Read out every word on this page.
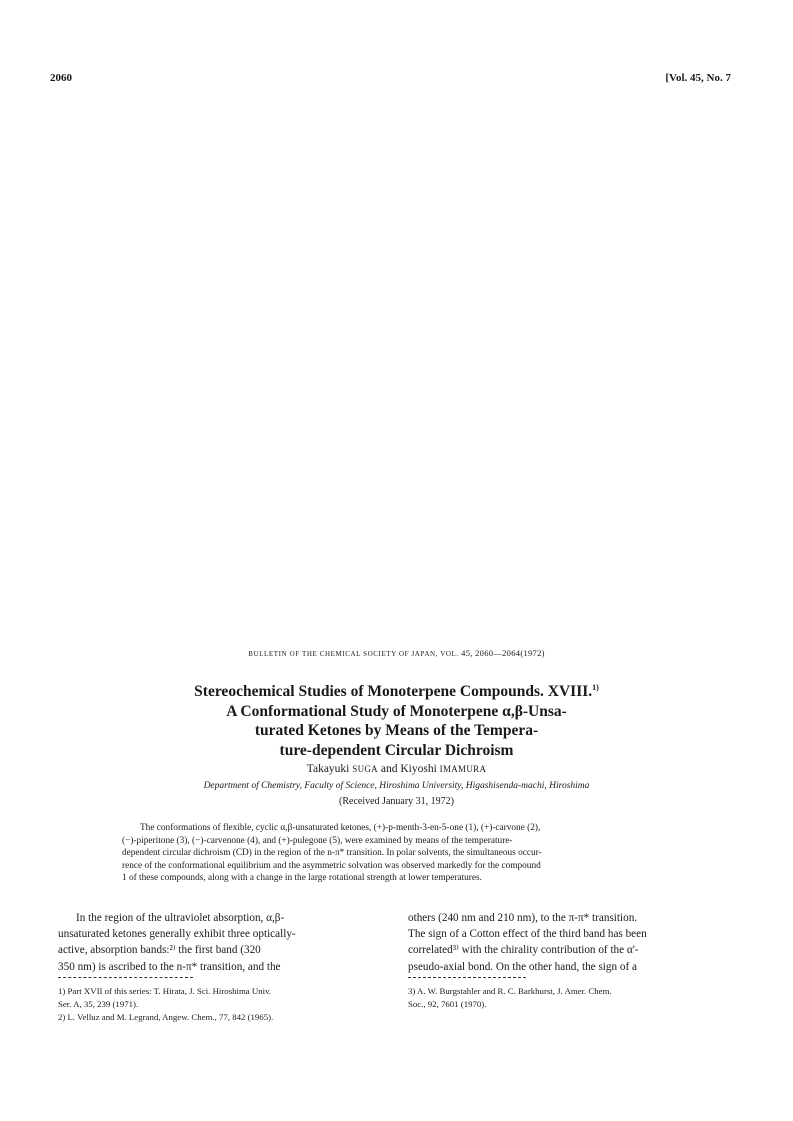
2060	[Vol. 45, No. 7
BULLETIN OF THE CHEMICAL SOCIETY OF JAPAN, VOL. 45, 2060—2064(1972)
Stereochemical Studies of Monoterpene Compounds. XVIII.$^{1)}$
A Conformational Study of Monoterpene α,β-Unsa-
turated Ketones by Means of the Tempera-
ture-dependent Circular Dichroism
Takayuki SUGA and Kiyoshi IMAMURA
Department of Chemistry, Faculty of Science, Hiroshima University, Higashisenda-machi, Hiroshima
(Received January 31, 1972)
The conformations of flexible, cyclic α,β-unsaturated ketones, (+)-p-menth-3-en-5-one (1), (+)-carvone (2),
(−)-piperitone (3), (−)-carvenone (4), and (+)-pulegone (5), were examined by means of the temperature-
dependent circular dichroism (CD) in the region of the n-π* transition. In polar solvents, the simultaneous occur-
rence of the conformational equilibrium and the asymmetric solvation was observed markedly for the compound
1 of these compounds, along with a change in the large rotational strength at lower temperatures.
In the region of the ultraviolet absorption, α,β-
unsaturated ketones generally exhibit three optically-
active, absorption bands:²⁾ the first band (320
350 nm) is ascribed to the n-π* transition, and the
others (240 nm and 210 nm), to the π-π* transition.
The sign of a Cotton effect of the third band has been
correlated³⁾ with the chirality contribution of the α'-
pseudo-axial bond. On the other hand, the sign of a
1) Part XVII of this series: T. Hirata, J. Sci. Hiroshima Univ.
Ser. A, 35, 239 (1971).
2) L. Velluz and M. Legrand, Angew. Chem., 77, 842 (1965).
3) A. W. Burgstahler and R. C. Barkhurst, J. Amer. Chem.
Soc., 92, 7601 (1970).
